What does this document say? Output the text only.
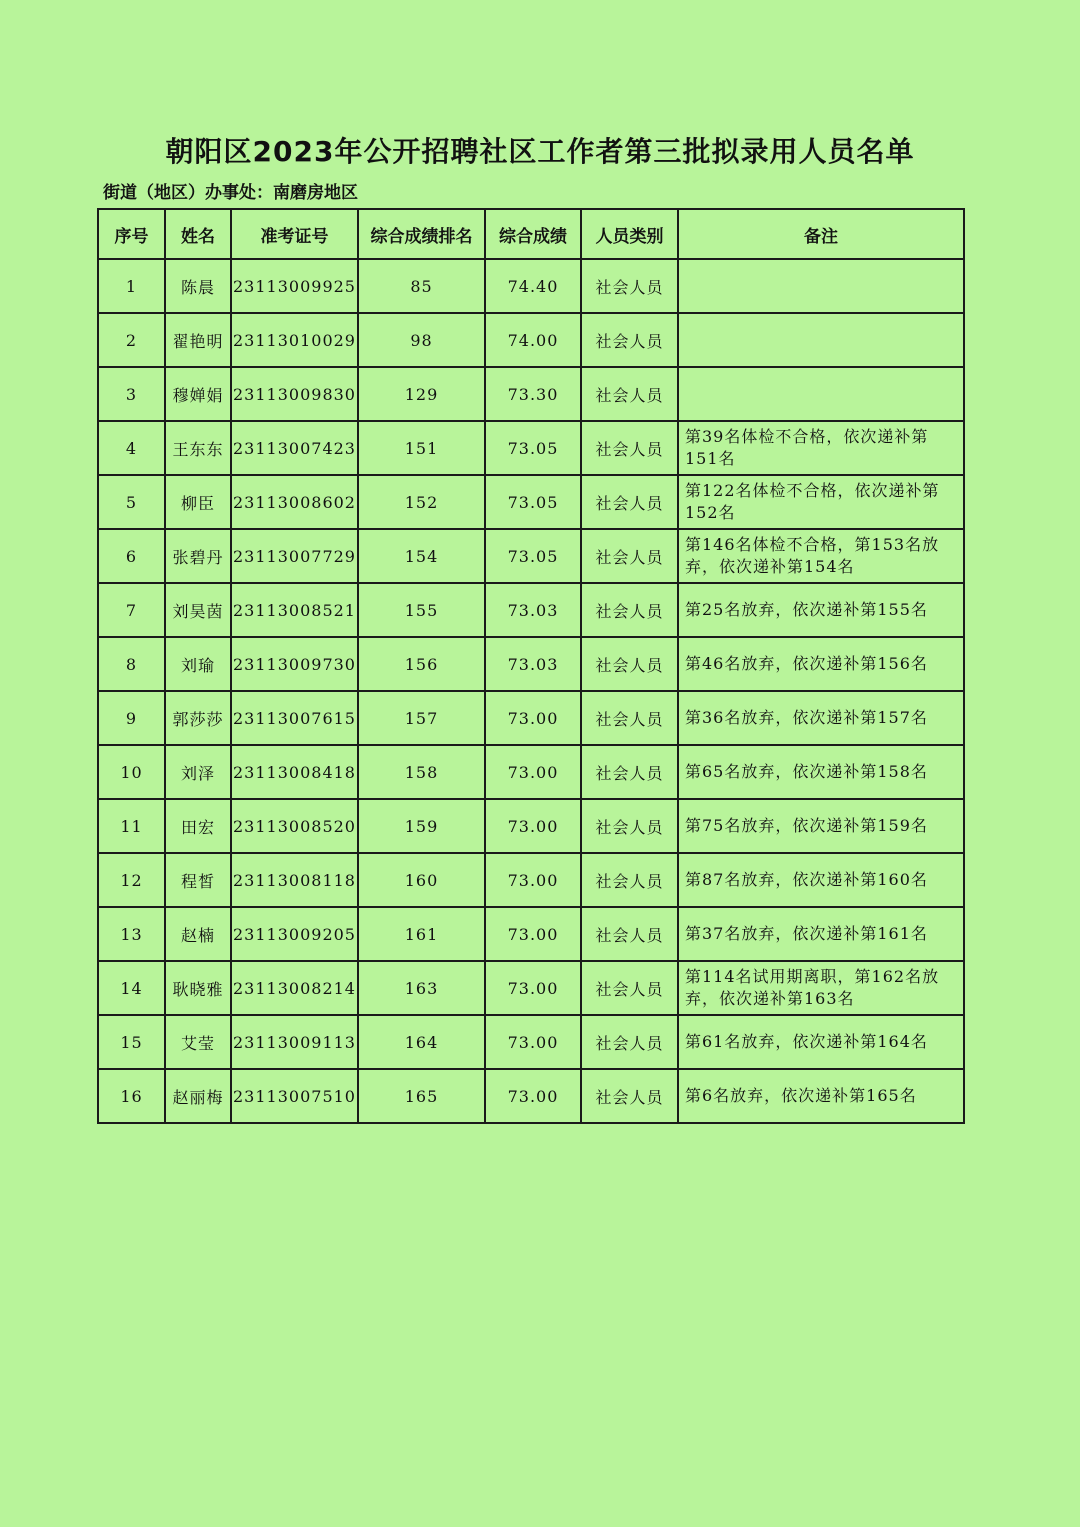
朝阳区2023年公开招聘社区工作者第三批拟录用人员名单
街道（地区）办事处：南磨房地区
序号	姓名	准考证号	综合成绩排名	综合成绩	人员类别	备注
1	陈晨	23113009925	85	74.40	社会人员	
2	翟艳明	23113010029	98	74.00	社会人员	
3	穆婵娟	23113009830	129	73.30	社会人员	
4	王东东	23113007423	151	73.05	社会人员	第39名体检不合格，依次递补第151名
5	柳臣	23113008602	152	73.05	社会人员	第122名体检不合格，依次递补第152名
6	张碧丹	23113007729	154	73.05	社会人员	第146名体检不合格，第153名放弃，依次递补第154名
7	刘昊茵	23113008521	155	73.03	社会人员	第25名放弃，依次递补第155名
8	刘瑜	23113009730	156	73.03	社会人员	第46名放弃，依次递补第156名
9	郭莎莎	23113007615	157	73.00	社会人员	第36名放弃，依次递补第157名
10	刘泽	23113008418	158	73.00	社会人员	第65名放弃，依次递补第158名
11	田宏	23113008520	159	73.00	社会人员	第75名放弃，依次递补第159名
12	程皙	23113008118	160	73.00	社会人员	第87名放弃，依次递补第160名
13	赵楠	23113009205	161	73.00	社会人员	第37名放弃，依次递补第161名
14	耿晓雅	23113008214	163	73.00	社会人员	第114名试用期离职，第162名放弃，依次递补第163名
15	艾莹	23113009113	164	73.00	社会人员	第61名放弃，依次递补第164名
16	赵丽梅	23113007510	165	73.00	社会人员	第6名放弃，依次递补第165名
